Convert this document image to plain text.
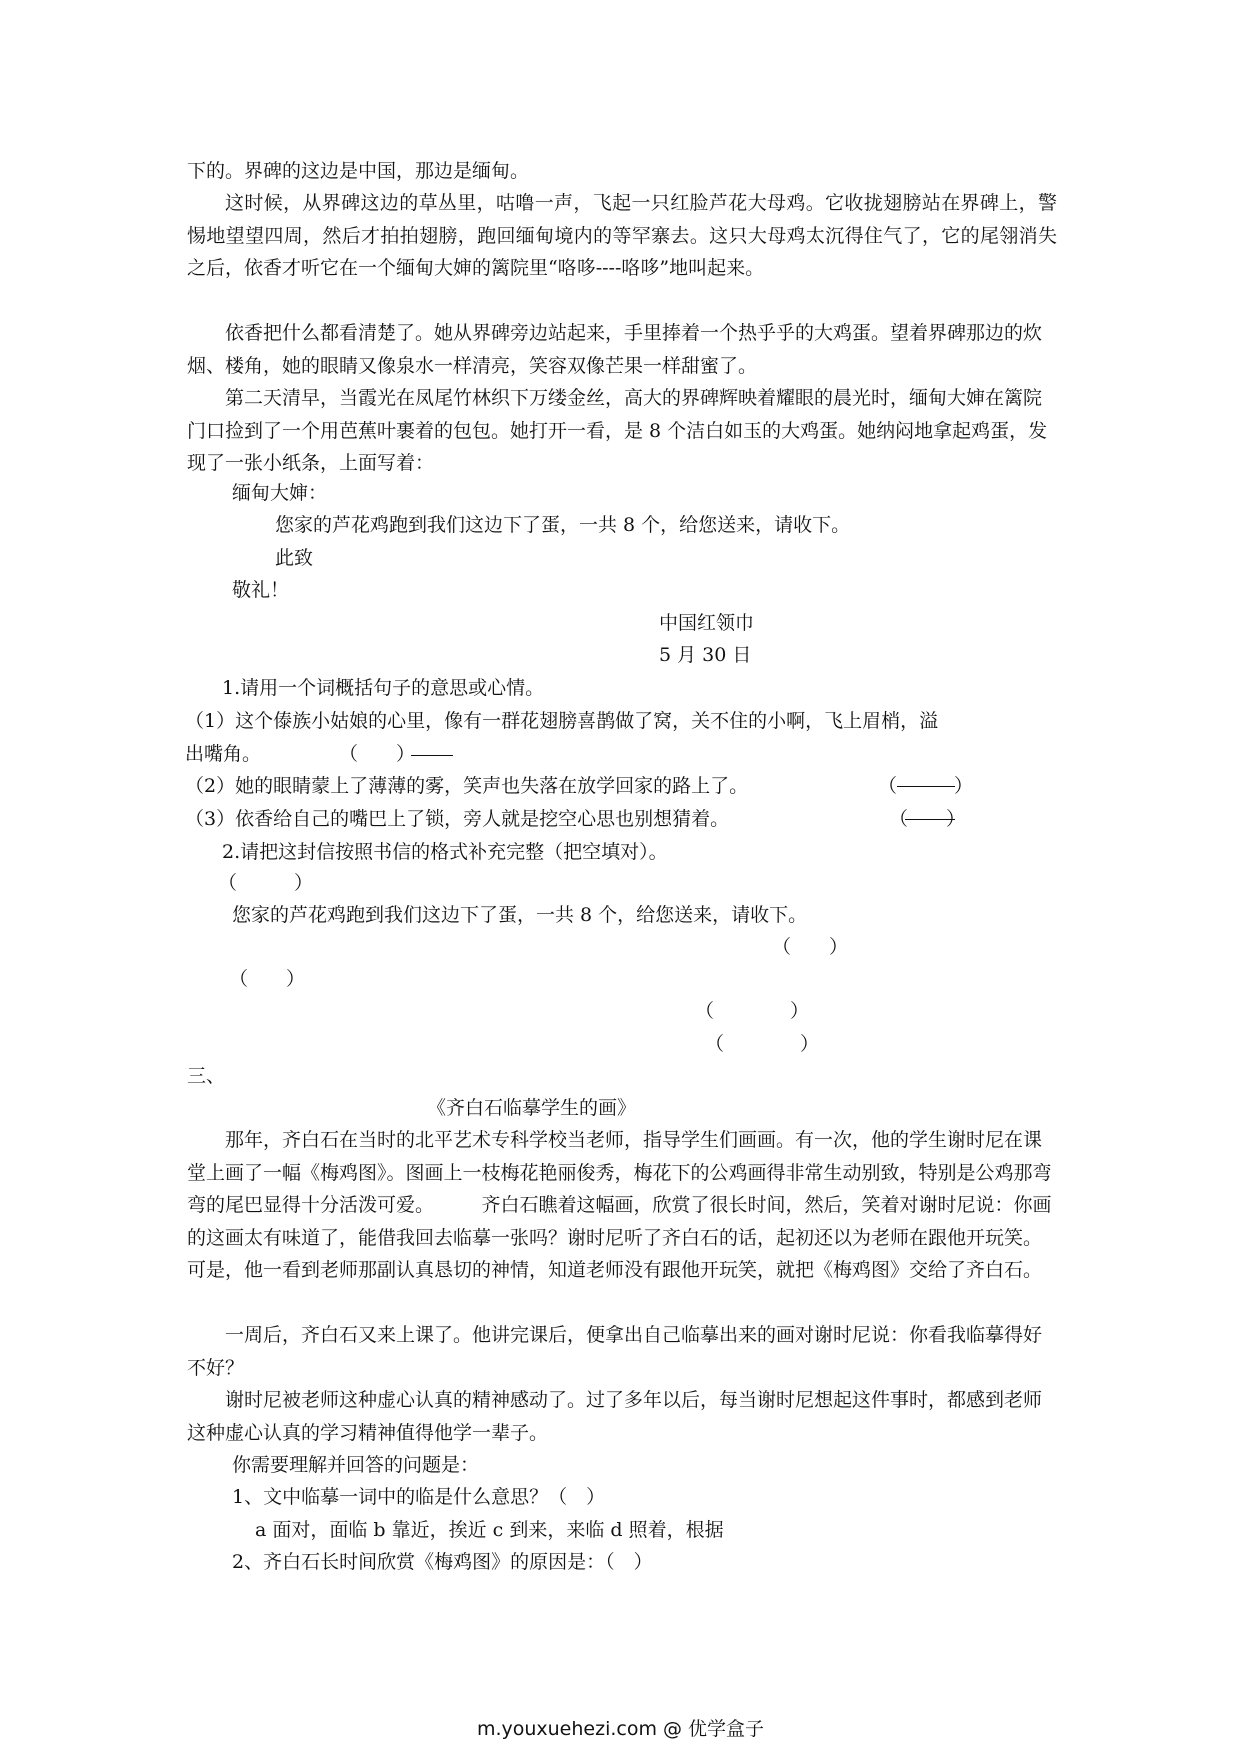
下的。界碑的这边是中国，那边是缅甸。
这时候，从界碑这边的草丛里，咕噜一声，飞起一只红脸芦花大母鸡。它收拢翅膀站在界碑上，警惕地望望四周，然后才拍拍翅膀，跑回缅甸境内的等罕寨去。这只大母鸡太沉得住气了，它的尾翎消失之后，依香才听它在一个缅甸大婶的篱院里“咯哆----咯哆”地叫起来。
依香把什么都看清楚了。她从界碑旁边站起来，手里捧着一个热乎乎的大鸡蛋。望着界碑那边的炊烟、楼角，她的眼睛又像泉水一样清亮，笑容双像芒果一样甜蜜了。
第二天清早，当霞光在凤尾竹林织下万缕金丝，高大的界碑辉映着耀眼的晨光时，缅甸大婶在篱院门口捡到了一个用芭蕉叶裹着的包包。她打开一看，是 8 个洁白如玉的大鸡蛋。她纳闷地拿起鸡蛋，发现了一张小纸条，上面写着：
缅甸大婶：
您家的芦花鸡跑到我们这边下了蛋，一共 8 个，给您送来，请收下。
此致
敬礼！
中国红领巾
5 月 30 日
1.请用一个词概括句子的意思或心情。
（1）这个傣族小姑娘的心里，像有一群花翅膀喜鹊做了窝，关不住的小啊，飞上眉梢，溢
出嘴角。	（　　）
（2）她的眼睛蒙上了薄薄的雾，笑声也失落在放学回家的路上了。	（　　　）
（3）依香给自己的嘴巴上了锁，旁人就是挖空心思也别想猜着。	（　　）
2.请把这封信按照书信的格式补充完整（把空填对）。
（　　　）
您家的芦花鸡跑到我们这边下了蛋，一共 8 个，给您送来，请收下。
（　　）
（　　）
（　　　　）
（　　　　）
三、
《齐白石临摹学生的画》
那年，齐白石在当时的北平艺术专科学校当老师，指导学生们画画。有一次，他的学生谢时尼在课堂上画了一幅《梅鸡图》。图画上一枝梅花艳丽俊秀，梅花下的公鸡画得非常生动别致，特别是公鸡那弯弯的尾巴显得十分活泼可爱。　　　齐白石瞧着这幅画，欣赏了很长时间，然后，笑着对谢时尼说：你画的这画太有味道了，能借我回去临摹一张吗？谢时尼听了齐白石的话，起初还以为老师在跟他开玩笑。可是，他一看到老师那副认真恳切的神情，知道老师没有跟他开玩笑，就把《梅鸡图》交给了齐白石。
一周后，齐白石又来上课了。他讲完课后，便拿出自己临摹出来的画对谢时尼说：你看我临摹得好不好？
谢时尼被老师这种虚心认真的精神感动了。过了多年以后，每当谢时尼想起这件事时，都感到老师这种虚心认真的学习精神值得他学一辈子。
你需要理解并回答的问题是：
1、文中临摹一词中的临是什么意思？（　）
a 面对，面临 b 靠近，挨近 c 到来，来临 d 照着，根据
2、齐白石长时间欣赏《梅鸡图》的原因是：（　）
m.youxuehezi.com @ 优学盒子
